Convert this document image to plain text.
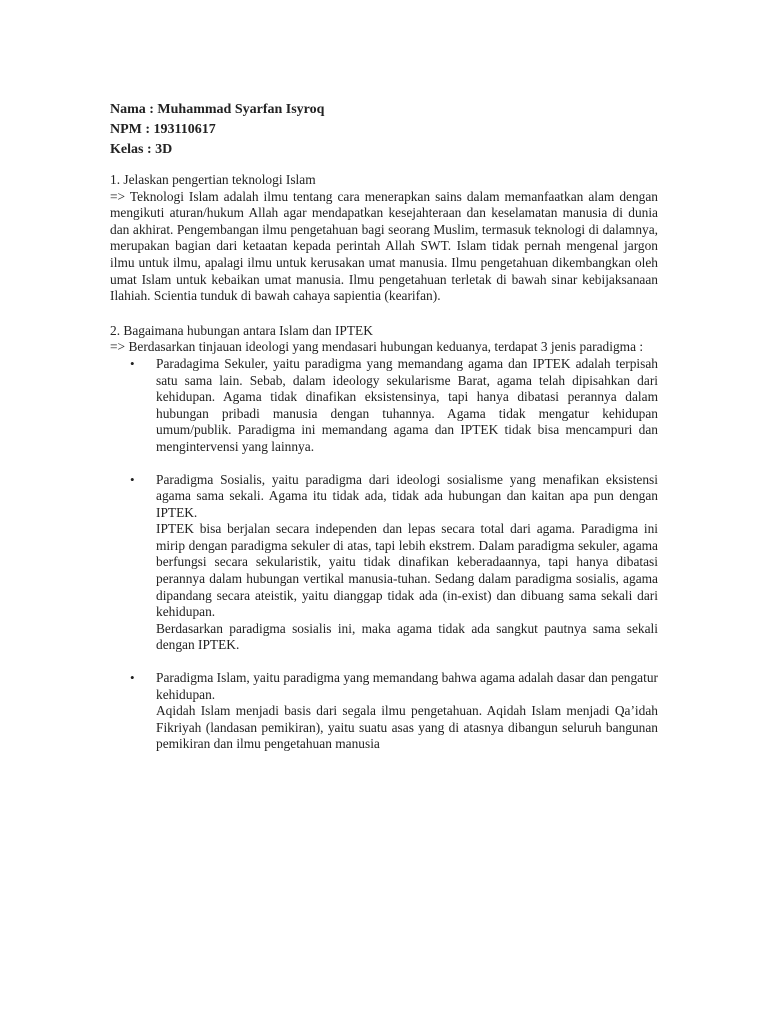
Nama : Muhammad Syarfan Isyroq
NPM : 193110617
Kelas : 3D
1. Jelaskan pengertian teknologi Islam
=> Teknologi Islam adalah ilmu tentang cara menerapkan sains dalam memanfaatkan alam dengan mengikuti aturan/hukum Allah agar mendapatkan kesejahteraan dan keselamatan manusia di dunia dan akhirat. Pengembangan ilmu pengetahuan bagi seorang Muslim, termasuk teknologi di dalamnya, merupakan bagian dari ketaatan kepada perintah Allah SWT. Islam tidak pernah mengenal jargon ilmu untuk ilmu, apalagi ilmu untuk kerusakan umat manusia. Ilmu pengetahuan dikembangkan oleh umat Islam untuk kebaikan umat manusia. Ilmu pengetahuan terletak di bawah sinar kebijaksanaan Ilahiah. Scientia tunduk di bawah cahaya sapientia (kearifan).
2. Bagaimana hubungan antara Islam dan IPTEK
=> Berdasarkan tinjauan ideologi yang mendasari hubungan keduanya, terdapat 3 jenis paradigma :
• Paradagima Sekuler, yaitu paradigma yang memandang agama dan IPTEK adalah terpisah satu sama lain. Sebab, dalam ideology sekularisme Barat, agama telah dipisahkan dari kehidupan. Agama tidak dinafikan eksistensinya, tapi hanya dibatasi perannya dalam hubungan pribadi manusia dengan tuhannya. Agama tidak mengatur kehidupan umum/publik. Paradigma ini memandang agama dan IPTEK tidak bisa mencampuri dan mengintervensi yang lainnya.
• Paradigma Sosialis, yaitu paradigma dari ideologi sosialisme yang menafikan eksistensi agama sama sekali. Agama itu tidak ada, tidak ada hubungan dan kaitan apa pun dengan IPTEK.
IPTEK bisa berjalan secara independen dan lepas secara total dari agama. Paradigma ini mirip dengan paradigma sekuler di atas, tapi lebih ekstrem. Dalam paradigma sekuler, agama berfungsi secara sekularistik, yaitu tidak dinafikan keberadaannya, tapi hanya dibatasi perannya dalam hubungan vertikal manusia-tuhan. Sedang dalam paradigma sosialis, agama dipandang secara ateistik, yaitu dianggap tidak ada (in-exist) dan dibuang sama sekali dari kehidupan.
Berdasarkan paradigma sosialis ini, maka agama tidak ada sangkut pautnya sama sekali dengan IPTEK.
• Paradigma Islam, yaitu paradigma yang memandang bahwa agama adalah dasar dan pengatur kehidupan.
Aqidah Islam menjadi basis dari segala ilmu pengetahuan. Aqidah Islam menjadi Qa’idah Fikriyah (landasan pemikiran), yaitu suatu asas yang di atasnya dibangun seluruh bangunan pemikiran dan ilmu pengetahuan manusia
